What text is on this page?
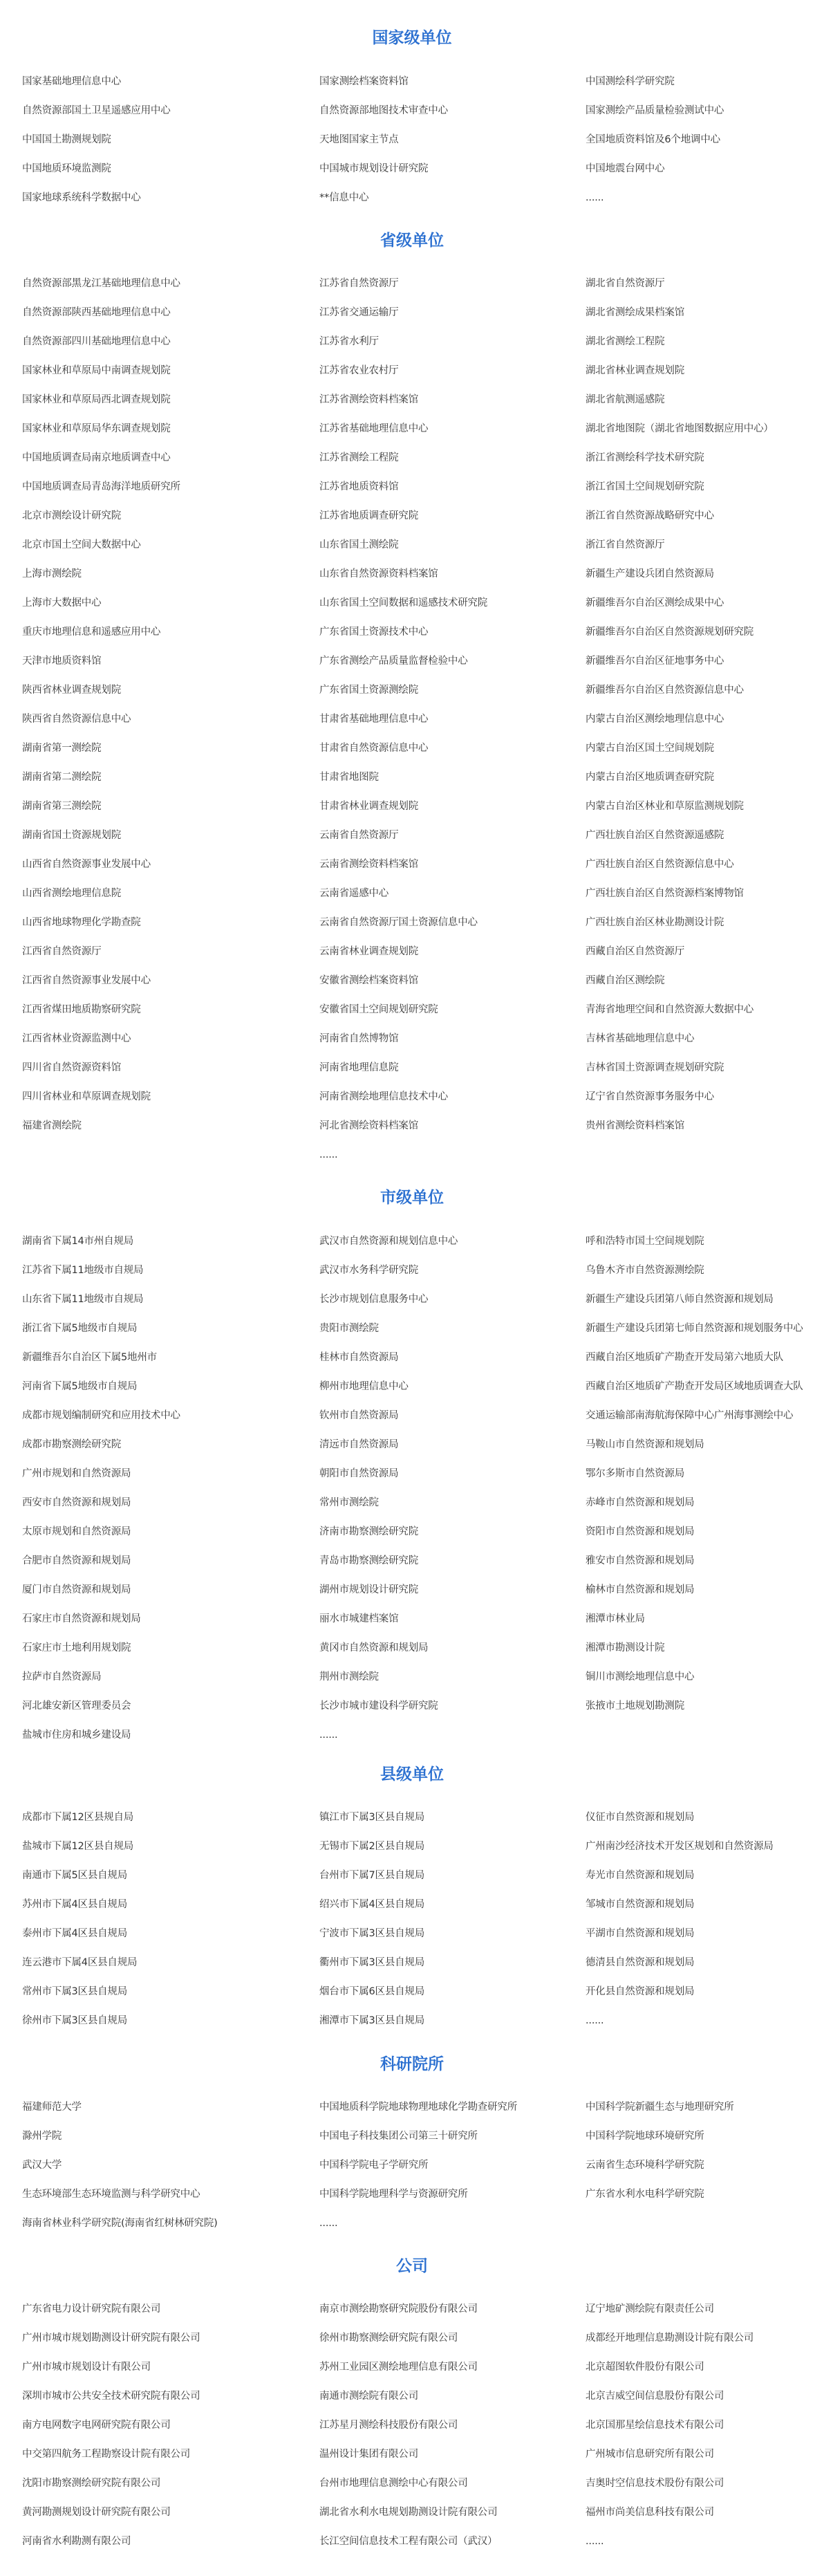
国家级单位
国家基础地理信息中心	国家测绘档案资料馆	中国测绘科学研究院
自然资源部国土卫星遥感应用中心	自然资源部地图技术审查中心	国家测绘产品质量检验测试中心
中国国土勘测规划院	天地图国家主节点	全国地质资料馆及6个地调中心
中国地质环境监测院	中国城市规划设计研究院	中国地震台网中心
国家地球系统科学数据中心	**信息中心	......
省级单位
自然资源部黑龙江基础地理信息中心	江苏省自然资源厅	湖北省自然资源厅
自然资源部陕西基础地理信息中心	江苏省交通运输厅	湖北省测绘成果档案馆
自然资源部四川基础地理信息中心	江苏省水利厅	湖北省测绘工程院
国家林业和草原局中南调查规划院	江苏省农业农村厅	湖北省林业调查规划院
国家林业和草原局西北调查规划院	江苏省测绘资料档案馆	湖北省航测遥感院
国家林业和草原局华东调查规划院	江苏省基础地理信息中心	湖北省地图院（湖北省地图数据应用中心）
中国地质调查局南京地质调查中心	江苏省测绘工程院	浙江省测绘科学技术研究院
中国地质调查局青岛海洋地质研究所	江苏省地质资料馆	浙江省国土空间规划研究院
北京市测绘设计研究院	江苏省地质调查研究院	浙江省自然资源战略研究中心
北京市国土空间大数据中心	山东省国土测绘院	浙江省自然资源厅
上海市测绘院	山东省自然资源资料档案馆	新疆生产建设兵团自然资源局
上海市大数据中心	山东省国土空间数据和遥感技术研究院	新疆维吾尔自治区测绘成果中心
重庆市地理信息和遥感应用中心	广东省国土资源技术中心	新疆维吾尔自治区自然资源规划研究院
天津市地质资料馆	广东省测绘产品质量监督检验中心	新疆维吾尔自治区征地事务中心
陕西省林业调查规划院	广东省国土资源测绘院	新疆维吾尔自治区自然资源信息中心
陕西省自然资源信息中心	甘肃省基础地理信息中心	内蒙古自治区测绘地理信息中心
湖南省第一测绘院	甘肃省自然资源信息中心	内蒙古自治区国土空间规划院
湖南省第二测绘院	甘肃省地图院	内蒙古自治区地质调查研究院
湖南省第三测绘院	甘肃省林业调查规划院	内蒙古自治区林业和草原监测规划院
湖南省国土资源规划院	云南省自然资源厅	广西壮族自治区自然资源遥感院
山西省自然资源事业发展中心	云南省测绘资料档案馆	广西壮族自治区自然资源信息中心
山西省测绘地理信息院	云南省遥感中心	广西壮族自治区自然资源档案博物馆
山西省地球物理化学勘查院	云南省自然资源厅国土资源信息中心	广西壮族自治区林业勘测设计院
江西省自然资源厅	云南省林业调查规划院	西藏自治区自然资源厅
江西省自然资源事业发展中心	安徽省测绘档案资料馆	西藏自治区测绘院
江西省煤田地质勘察研究院	安徽省国土空间规划研究院	青海省地理空间和自然资源大数据中心
江西省林业资源监测中心	河南省自然博物馆	吉林省基础地理信息中心
四川省自然资源资料馆	河南省地理信息院	吉林省国土资源调查规划研究院
四川省林业和草原调查规划院	河南省测绘地理信息技术中心	辽宁省自然资源事务服务中心
福建省测绘院	河北省测绘资料档案馆	贵州省测绘资料档案馆
......
市级单位
湖南省下属14市州自规局	武汉市自然资源和规划信息中心	呼和浩特市国土空间规划院
江苏省下属11地级市自规局	武汉市水务科学研究院	乌鲁木齐市自然资源测绘院
山东省下属11地级市自规局	长沙市规划信息服务中心	新疆生产建设兵团第八师自然资源和规划局
浙江省下属5地级市自规局	贵阳市测绘院	新疆生产建设兵团第七师自然资源和规划服务中心
新疆维吾尔自治区下属5地州市	桂林市自然资源局	西藏自治区地质矿产勘查开发局第六地质大队
河南省下属5地级市自规局	柳州市地理信息中心	西藏自治区地质矿产勘查开发局区域地质调查大队
成都市规划编制研究和应用技术中心	钦州市自然资源局	交通运输部南海航海保障中心广州海事测绘中心
成都市勘察测绘研究院	清远市自然资源局	马鞍山市自然资源和规划局
广州市规划和自然资源局	朝阳市自然资源局	鄂尔多斯市自然资源局
西安市自然资源和规划局	常州市测绘院	赤峰市自然资源和规划局
太原市规划和自然资源局	济南市勘察测绘研究院	资阳市自然资源和规划局
合肥市自然资源和规划局	青岛市勘察测绘研究院	雅安市自然资源和规划局
厦门市自然资源和规划局	湖州市规划设计研究院	榆林市自然资源和规划局
石家庄市自然资源和规划局	丽水市城建档案馆	湘潭市林业局
石家庄市土地利用规划院	黄冈市自然资源和规划局	湘潭市勘测设计院
拉萨市自然资源局	荆州市测绘院	铜川市测绘地理信息中心
河北雄安新区管理委员会	长沙市城市建设科学研究院	张掖市土地规划勘测院
盐城市住房和城乡建设局	......
县级单位
成都市下属12区县规自局	镇江市下属3区县自规局	仪征市自然资源和规划局
盐城市下属12区县自规局	无锡市下属2区县自规局	广州南沙经济技术开发区规划和自然资源局
南通市下属5区县自规局	台州市下属7区县自规局	寿光市自然资源和规划局
苏州市下属4区县自规局	绍兴市下属4区县自规局	邹城市自然资源和规划局
泰州市下属4区县自规局	宁波市下属3区县自规局	平湖市自然资源和规划局
连云港市下属4区县自规局	衢州市下属3区县自规局	德清县自然资源和规划局
常州市下属3区县自规局	烟台市下属6区县自规局	开化县自然资源和规划局
徐州市下属3区县自规局	湘潭市下属3区县自规局	......
科研院所
福建师范大学	中国地质科学院地球物理地球化学勘查研究所	中国科学院新疆生态与地理研究所
滁州学院	中国电子科技集团公司第三十研究所	中国科学院地球环境研究所
武汉大学	中国科学院电子学研究所	云南省生态环境科学研究院
生态环境部生态环境监测与科学研究中心	中国科学院地理科学与资源研究所	广东省水利水电科学研究院
海南省林业科学研究院(海南省红树林研究院)	......
公司
广东省电力设计研究院有限公司	南京市测绘勘察研究院股份有限公司	辽宁地矿测绘院有限责任公司
广州市城市规划勘测设计研究院有限公司	徐州市勘察测绘研究院有限公司	成都经开地理信息勘测设计院有限公司
广州市城市规划设计有限公司	苏州工业园区测绘地理信息有限公司	北京超图软件股份有限公司
深圳市城市公共安全技术研究院有限公司	南通市测绘院有限公司	北京吉威空间信息股份有限公司
南方电网数字电网研究院有限公司	江苏星月测绘科技股份有限公司	北京国那星绘信息技术有限公司
中交第四航务工程勘察设计院有限公司	温州设计集团有限公司	广州城市信息研究所有限公司
沈阳市勘察测绘研究院有限公司	台州市地理信息测绘中心有限公司	吉奥时空信息技术股份有限公司
黄河勘测规划设计研究院有限公司	湖北省水利水电规划勘测设计院有限公司	福州市尚美信息科技有限公司
河南省水利勘测有限公司	长江空间信息技术工程有限公司（武汉）	......
